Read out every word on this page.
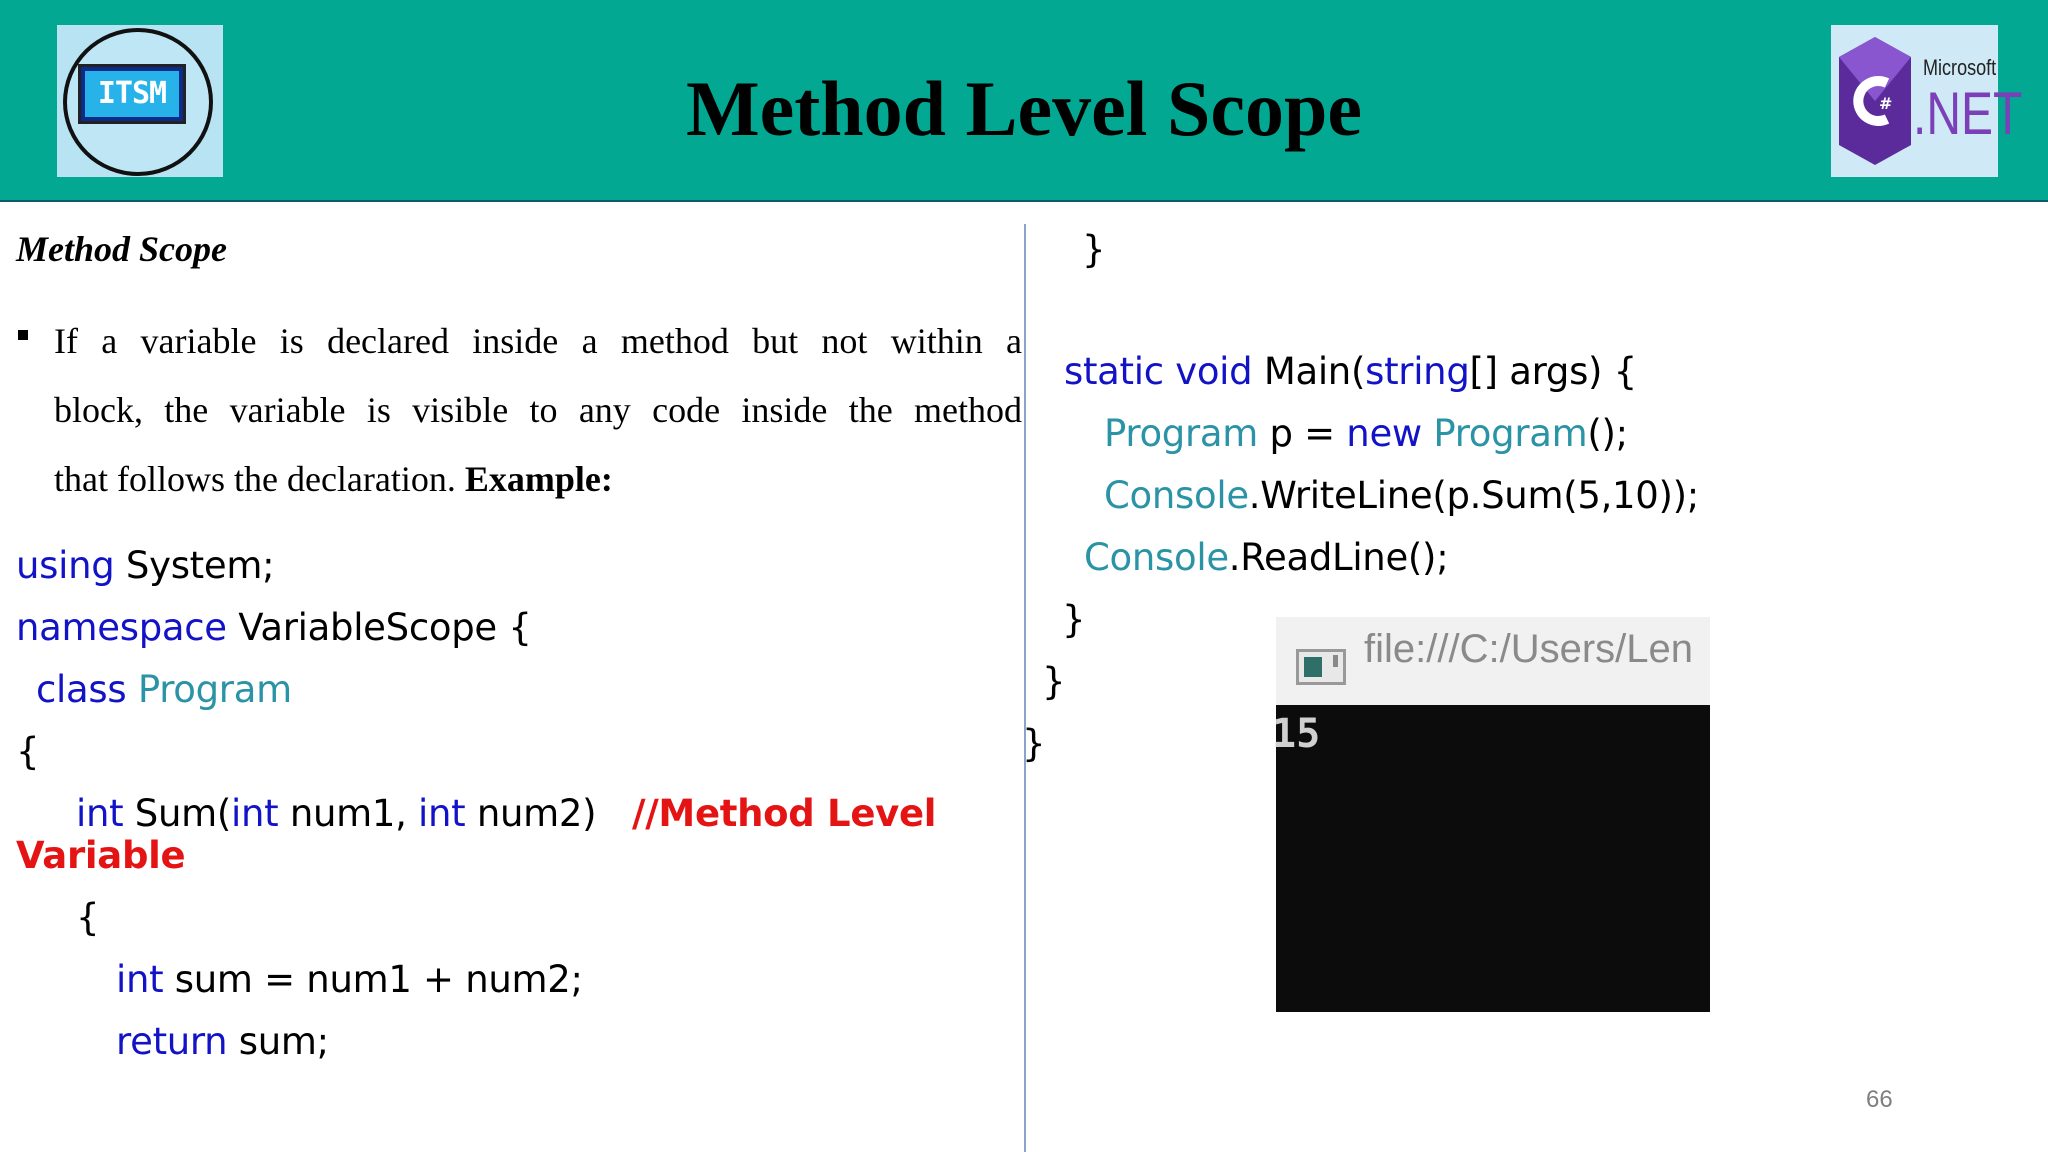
ITSM	Method Level Scope	#
Microsoft
.NET
Method Scope
If a variable is declared inside a method but not within a
block, the variable is visible to any code inside the method
that follows the declaration. Example:
using System;
namespace VariableScope {
class Program
{
int Sum(int num1, int num2) //Method Level
Variable
{
int sum = num1 + num2;
return sum;
}
static void Main(string[] args) {
Program p = new Program();
Console.WriteLine(p.Sum(5,10));
Console.ReadLine();
}
}
}
file:///C:/Users/Len
15
66
